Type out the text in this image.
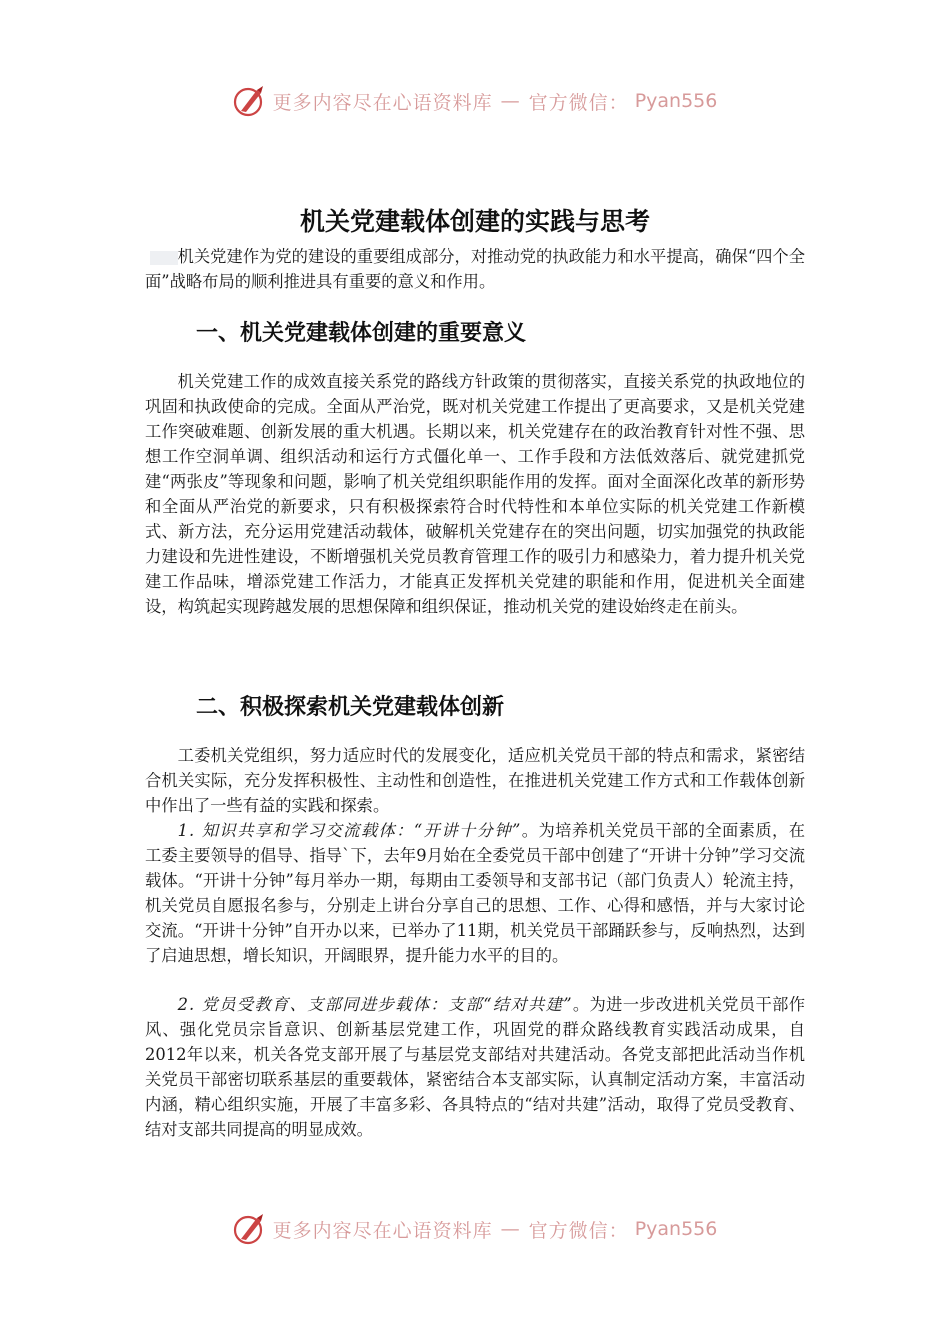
更多内容尽在心语资料库 — 官方微信： Pyan556
机关党建载体创建的实践与思考

机关党建作为党的建设的重要组成部分，对推动党的执政能力和水平提高，确保“四个全面”战略布局的顺利推进具有重要的意义和作用。

一、机关党建载体创建的重要意义

机关党建工作的成效直接关系党的路线方针政策的贯彻落实，直接关系党的执政地位的巩固和执政使命的完成。全面从严治党，既对机关党建工作提出了更高要求，又是机关党建工作突破难题、创新发展的重大机遇。长期以来，机关党建存在的政治教育针对性不强、思想工作空洞单调、组织活动和运行方式僵化单一、工作手段和方法低效落后、就党建抓党建“两张皮”等现象和问题，影响了机关党组织职能作用的发挥。面对全面深化改革的新形势和全面从严治党的新要求，只有积极探索符合时代特性和本单位实际的机关党建工作新模式、新方法，充分运用党建活动载体，破解机关党建存在的突出问题，切实加强党的执政能力建设和先进性建设，不断增强机关党员教育管理工作的吸引力和感染力，着力提升机关党建工作品味，增添党建工作活力，才能真正发挥机关党建的职能和作用，促进机关全面建设，构筑起实现跨越发展的思想保障和组织保证，推动机关党的建设始终走在前头。

二、积极探索机关党建载体创新

工委机关党组织，努力适应时代的发展变化，适应机关党员干部的特点和需求，紧密结合机关实际，充分发挥积极性、主动性和创造性，在推进机关党建工作方式和工作载体创新中作出了一些有益的实践和探索。

1. 知识共享和学习交流载体：“开讲十分钟”。为培养机关党员干部的全面素质，在工委主要领导的倡导、指导`下，去年9月始在全委党员干部中创建了“开讲十分钟”学习交流载体。“开讲十分钟”每月举办一期，每期由工委领导和支部书记（部门负责人）轮流主持，机关党员自愿报名参与，分别走上讲台分享自己的思想、工作、心得和感悟，并与大家讨论交流。“开讲十分钟”自开办以来，已举办了11期，机关党员干部踊跃参与，反响热烈，达到了启迪思想，增长知识，开阔眼界，提升能力水平的目的。

2. 党员受教育、支部同进步载体：支部“结对共建”。为进一步改进机关党员干部作风、强化党员宗旨意识、创新基层党建工作，巩固党的群众路线教育实践活动成果，自2012年以来，机关各党支部开展了与基层党支部结对共建活动。各党支部把此活动当作机关党员干部密切联系基层的重要载体，紧密结合本支部实际，认真制定活动方案，丰富活动内涵，精心组织实施，开展了丰富多彩、各具特点的“结对共建”活动，取得了党员受教育、结对支部共同提高的明显成效。

更多内容尽在心语资料库 — 官方微信： Pyan556
